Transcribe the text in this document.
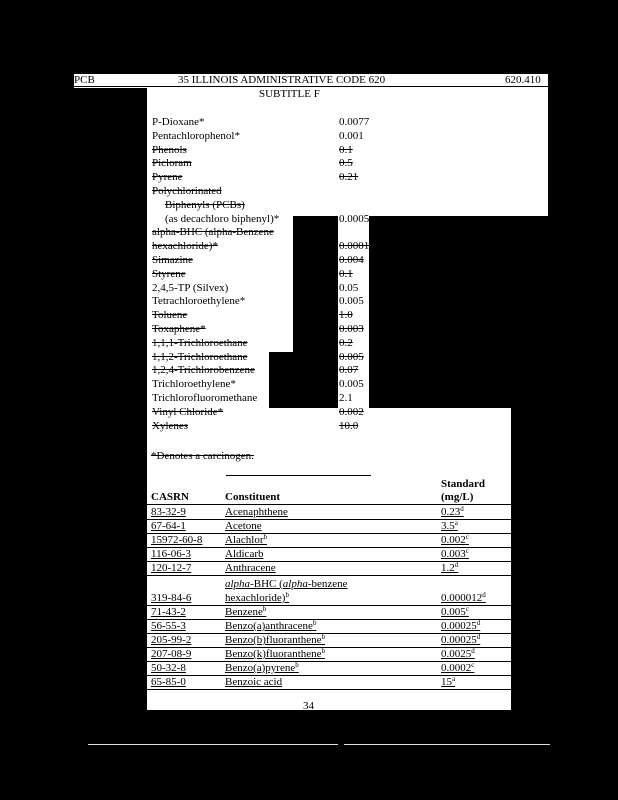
PCB	35 ILLINOIS ADMINISTRATIVE CODE 620	620.410
SUBTITLE F
P-Dioxane*	0.0077
Pentachlorophenol*	0.001
Phenols	0.1
Picloram	0.5
Pyrene	0.21
Polychlorinated
Biphenyls (PCBs)
(as decachloro biphenyl)*	0.0005
alpha-BHC (alpha-Benzene
hexachloride)*	0.00011
Simazine	0.004
Styrene	0.1
2,4,5-TP (Silvex)	0.05
Tetrachloroethylene*	0.005
Toluene	1.0
Toxaphene*	0.003
1,1,1-Trichloroethane	0.2
1,1,2-Trichloroethane	0.005
1,2,4-Trichlorobenzene	0.07
Trichloroethylene*	0.005
Trichlorofluoromethane	2.1
Vinyl Chloride*	0.002
Xylenes	10.0
*Denotes a carcinogen.
Standard
CASRN	Constituent	(mg/L)
83-32-9	Acenaphthene	0.23$^d$
67-64-1	Acetone	3.5$^a$
15972-60-8 Alachlor$^b$	0.002$^c$
116-06-3	Aldicarb	0.003$^c$
120-12-7	Anthracene	1.2$^d$
alpha-BHC (alpha-benzene
319-84-6	hexachloride)$^b$	0.000012$^d$
71-43-2	Benzene$^b$	0.005$^c$
56-55-3	Benzo(a)anthracene$^b$	0.00025$^d$
205-99-2	Benzo(b)fluoranthene$^b$	0.00025$^d$
207-08-9	Benzo(k)fluoranthene$^b$	0.0025$^d$
50-32-8	Benzo(a)pyrene$^b$	0.0002$^c$
65-85-0	Benzoic acid	15$^a$
34
